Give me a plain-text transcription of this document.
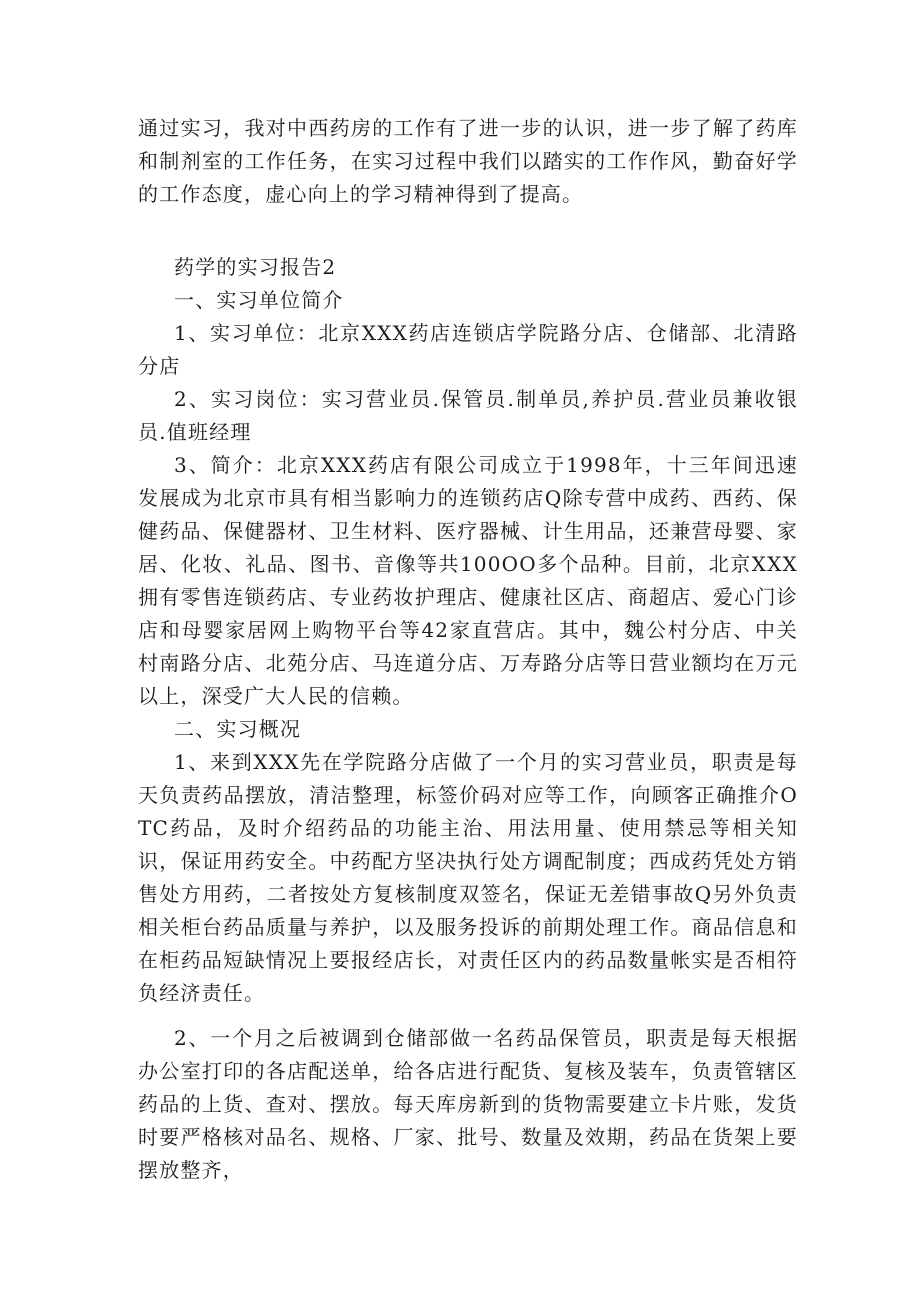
通过实习，我对中西药房的工作有了进一步的认识，进一步了解了药库和制剂室的工作任务，在实习过程中我们以踏实的工作作风，勤奋好学的工作态度，虚心向上的学习精神得到了提高。

药学的实习报告2

一、实习单位简介

1、实习单位：北京XXX药店连锁店学院路分店、仓储部、北清路分店

2、实习岗位：实习营业员.保管员.制单员,养护员.营业员兼收银员.值班经理

3、简介：北京XXX药店有限公司成立于1998年，十三年间迅速发展成为北京市具有相当影响力的连锁药店Q除专营中成药、西药、保健药品、保健器材、卫生材料、医疗器械、计生用品，还兼营母婴、家居、化妆、礼品、图书、音像等共100OO多个品种。目前，北京XXX拥有零售连锁药店、专业药妆护理店、健康社区店、商超店、爱心门诊店和母婴家居网上购物平台等42家直营店。其中，魏公村分店、中关村南路分店、北苑分店、马连道分店、万寿路分店等日营业额均在万元以上，深受广大人民的信赖。

二、实习概况

1、来到XXX先在学院路分店做了一个月的实习营业员，职责是每天负责药品摆放，清洁整理，标签价码对应等工作，向顾客正确推介OTC药品，及时介绍药品的功能主治、用法用量、使用禁忌等相关知识，保证用药安全。中药配方坚决执行处方调配制度；西成药凭处方销售处方用药，二者按处方复核制度双签名，保证无差错事故Q另外负责相关柜台药品质量与养护，以及服务投诉的前期处理工作。商品信息和在柜药品短缺情况上要报经店长，对责任区内的药品数量帐实是否相符负经济责任。

2、一个月之后被调到仓储部做一名药品保管员，职责是每天根据办公室打印的各店配送单，给各店进行配货、复核及装车，负责管辖区药品的上货、查对、摆放。每天库房新到的货物需要建立卡片账，发货时要严格核对品名、规格、厂家、批号、数量及效期，药品在货架上要摆放整齐，
